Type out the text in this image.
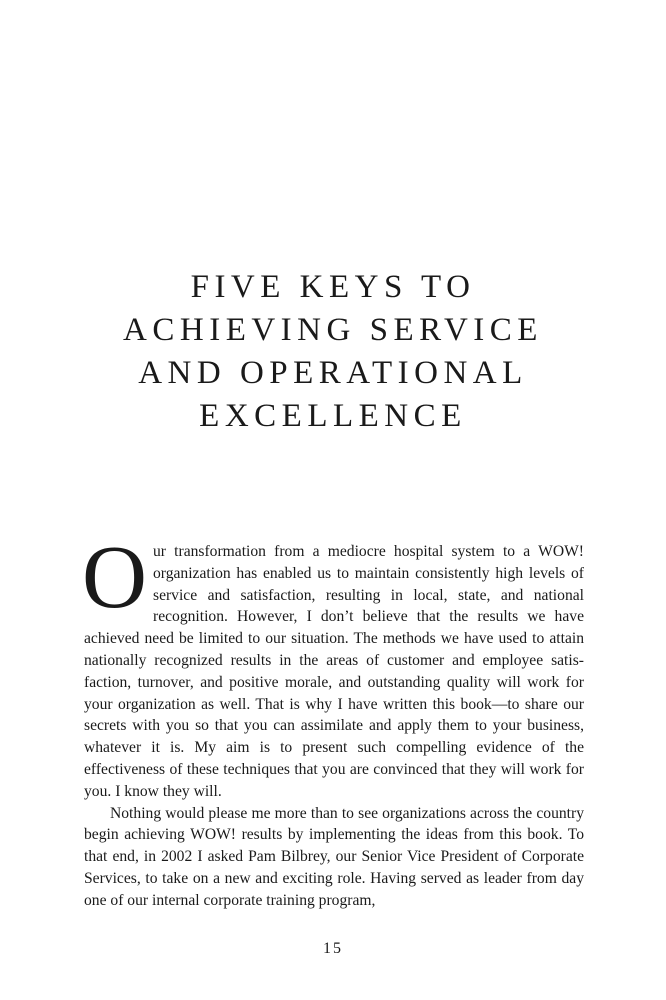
FIVE KEYS TO
ACHIEVING SERVICE
AND OPERATIONAL
EXCELLENCE

Our transformation from a mediocre hospital system to a WOW! organization has enabled us to maintain consistently high levels of service and satisfaction, resulting in local, state, and national recognition. However, I don’t believe that the results we have achieved need be limited to our situation. The methods we have used to attain nationally recognized results in the areas of customer and employee satisfaction, turnover, and positive morale, and outstanding quality will work for your organization as well. That is why I have written this book—to share our secrets with you so that you can assimilate and apply them to your business, whatever it is. My aim is to present such compelling evidence of the effectiveness of these techniques that you are convinced that they will work for you. I know they will.

Nothing would please me more than to see organizations across the country begin achieving WOW! results by implementing the ideas from this book. To that end, in 2002 I asked Pam Bilbrey, our Senior Vice President of Corporate Services, to take on a new and exciting role. Having served as leader from day one of our internal corporate training program,

15
